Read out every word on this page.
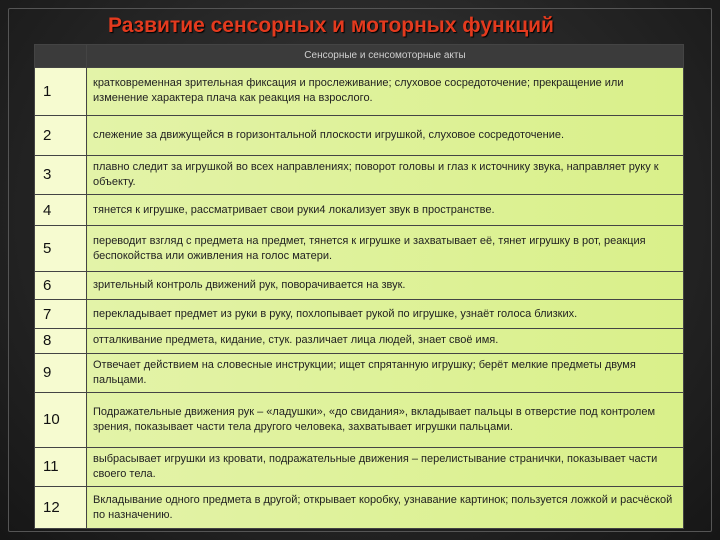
Развитие сенсорных и моторных функций
	Сенсорные и сенсомоторные акты
1	кратковременная зрительная фиксация и прослеживание; слуховое сосредоточение; прекращение или изменение характера плача как реакция на взрослого.
2	слежение за движущейся в горизонтальной плоскости игрушкой, слуховое сосредоточение.
3	плавно следит за игрушкой во всех направлениях; поворот головы и глаз к источнику звука, направляет руку к объекту.
4	тянется к игрушке, рассматривает свои руки4 локализует звук в пространстве.
5	переводит взгляд с предмета на предмет, тянется к игрушке и захватывает её, тянет игрушку в рот, реакция беспокойства или оживления на голос матери.
6	зрительный контроль движений рук, поворачивается на звук.
7	перекладывает предмет из руки в руку, похлопывает рукой по игрушке, узнаёт голоса близких.
8	отталкивание предмета, кидание, стук. различает лица людей, знает своё имя.
9	Отвечает действием на словесные инструкции; ищет спрятанную игрушку; берёт мелкие предметы двумя пальцами.
10	Подражательные движения рук – «ладушки», «до свидания», вкладывает пальцы в отверстие под контролем зрения, показывает части тела другого человека, захватывает игрушки пальцами.
11	выбрасывает игрушки из кровати, подражательные движения – перелистывание странички, показывает части своего тела.
12	Вкладывание одного предмета в другой; открывает коробку, узнавание картинок; пользуется ложкой и расчёской по назначению.
